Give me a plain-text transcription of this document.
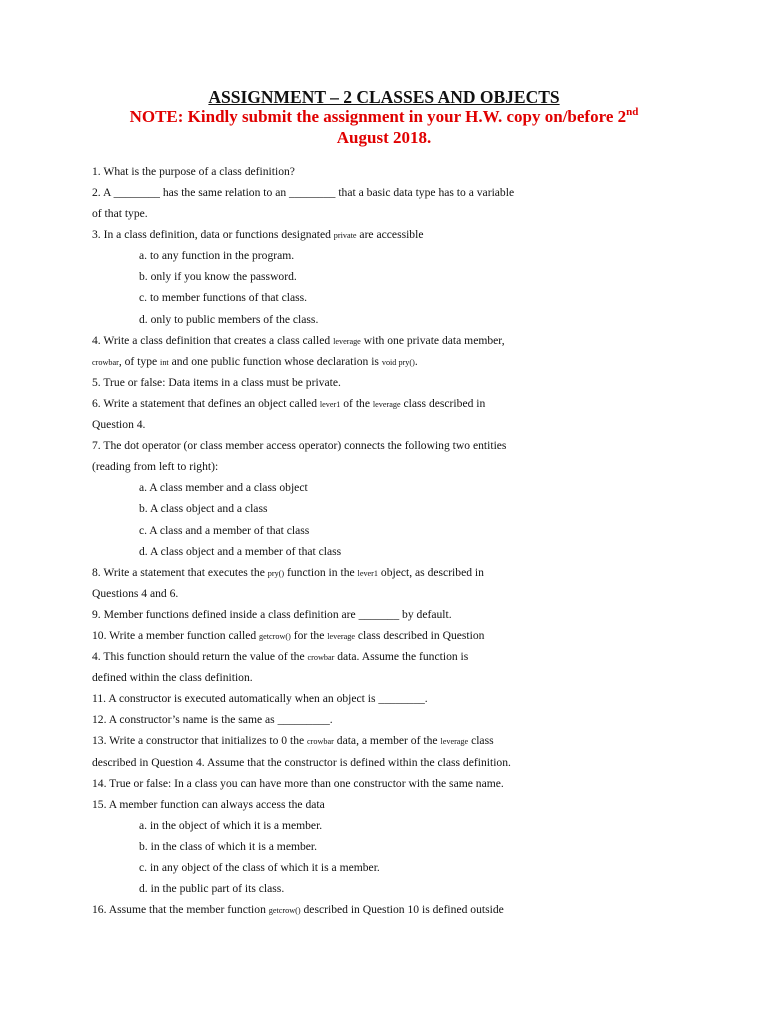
ASSIGNMENT – 2 CLASSES AND OBJECTS
NOTE: Kindly submit the assignment in your H.W. copy on/before 2nd
August 2018.
1. What is the purpose of a class definition?
2. A ________ has the same relation to an ________ that a basic data type has to a variable
of that type.
3. In a class definition, data or functions designated private are accessible
a. to any function in the program.
b. only if you know the password.
c. to member functions of that class.
d. only to public members of the class.
4. Write a class definition that creates a class called leverage with one private data member,
crowbar, of type int and one public function whose declaration is void pry().
5. True or false: Data items in a class must be private.
6. Write a statement that defines an object called lever1 of the leverage class described in
Question 4.
7. The dot operator (or class member access operator) connects the following two entities
(reading from left to right):
a. A class member and a class object
b. A class object and a class
c. A class and a member of that class
d. A class object and a member of that class
8. Write a statement that executes the pry() function in the lever1 object, as described in
Questions 4 and 6.
9. Member functions defined inside a class definition are _______ by default.
10. Write a member function called getcrow() for the leverage class described in Question
4. This function should return the value of the crowbar data. Assume the function is
defined within the class definition.
11. A constructor is executed automatically when an object is ________.
12. A constructor’s name is the same as _________.
13. Write a constructor that initializes to 0 the crowbar data, a member of the leverage class
described in Question 4. Assume that the constructor is defined within the class definition.
14. True or false: In a class you can have more than one constructor with the same name.
15. A member function can always access the data
a. in the object of which it is a member.
b. in the class of which it is a member.
c. in any object of the class of which it is a member.
d. in the public part of its class.
16. Assume that the member function getcrow() described in Question 10 is defined outside
